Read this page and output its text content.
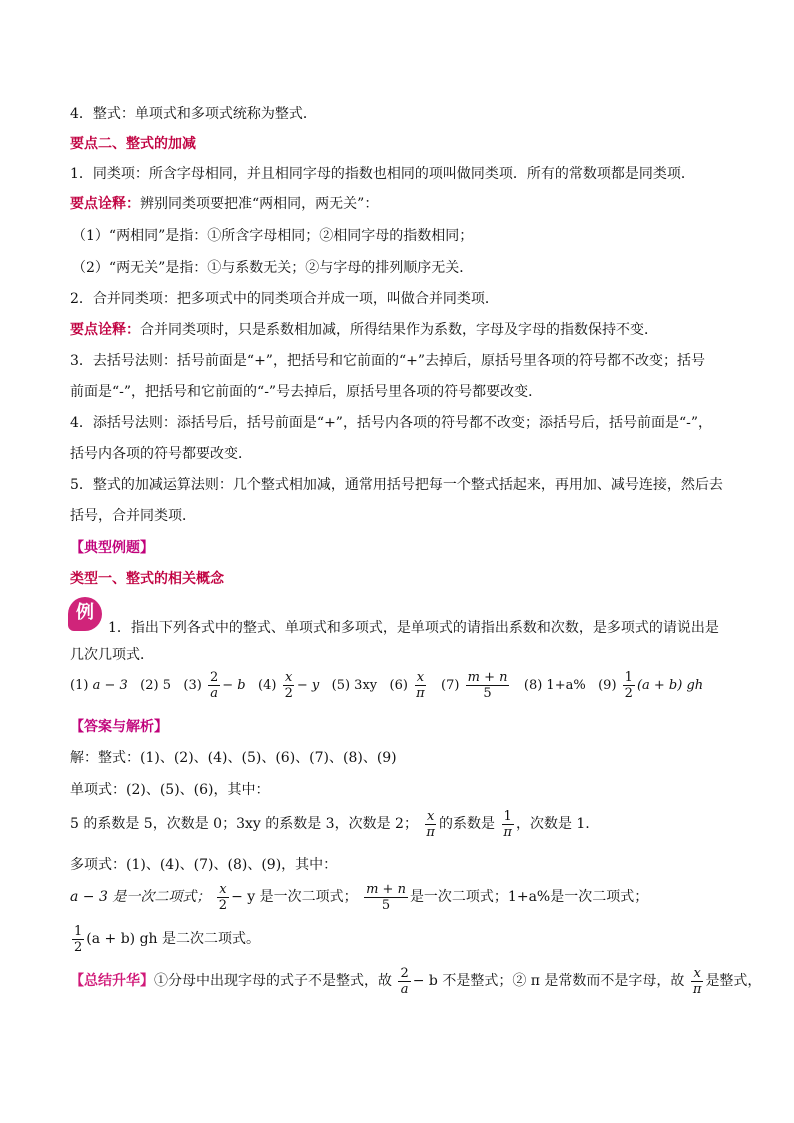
4．整式：单项式和多项式统称为整式．
要点二、整式的加减
1．同类项：所含字母相同，并且相同字母的指数也相同的项叫做同类项．所有的常数项都是同类项．
要点诠释：辨别同类项要把准“两相同，两无关”：
（1）“两相同”是指：①所含字母相同；②相同字母的指数相同；
（2）“两无关”是指：①与系数无关；②与字母的排列顺序无关．
2．合并同类项：把多项式中的同类项合并成一项，叫做合并同类项．
要点诠释：合并同类项时，只是系数相加减，所得结果作为系数，字母及字母的指数保持不变．
3．去括号法则：括号前面是“+”，把括号和它前面的“+”去掉后，原括号里各项的符号都不改变；括号
前面是“-”，把括号和它前面的“-”号去掉后，原括号里各项的符号都要改变．
4．添括号法则：添括号后，括号前面是“+”，括号内各项的符号都不改变；添括号后，括号前面是“-”，
括号内各项的符号都要改变．
5．整式的加减运算法则：几个整式相加减，通常用括号把每一个整式括起来，再用加、减号连接，然后去
括号，合并同类项．
【典型例题】
类型一、整式的相关概念
例
1．指出下列各式中的整式、单项式和多项式，是单项式的请指出系数和次数，是多项式的请说出是
几次几项式．
(1) a − 3 (2) 5 $(3) \frac{2}{a} - b$ $(4) \frac{x}{2} - y$ (5) 3xy $(6) \frac{x}{\pi} (7) \frac{m + n}{5} (8)$ 1+a% $(9) \frac{1}{2} (a + b)$ gh
【答案与解析】
解：整式：(1)、(2)、(4)、(5)、(6)、(7)、(8)、(9)
单项式：(2)、(5)、(6)，其中：
5 的系数是 5，次数是 0；3xy 的系数是 3，次数是 2； $\frac{x}{\pi}$ 的系数是 $\frac{1}{\pi}$ ，次数是 1.
多项式：(1)、(4)、(7)、(8)、(9)，其中：
a − 3 是一次二项式； $\frac{x}{2} - y$ 是一次二项式； $\frac{m + n}{5}$ 是一次二项式；1+a%是一次二项式；
$\frac{1}{2} (a + b)$ gh 是二次二项式。
【总结升华】①分母中出现字母的式子不是整式，故 $\frac{2}{a} - b$ 不是整式；② π 是常数而不是字母，故 $\frac{x}{\pi}$ 是整式，
